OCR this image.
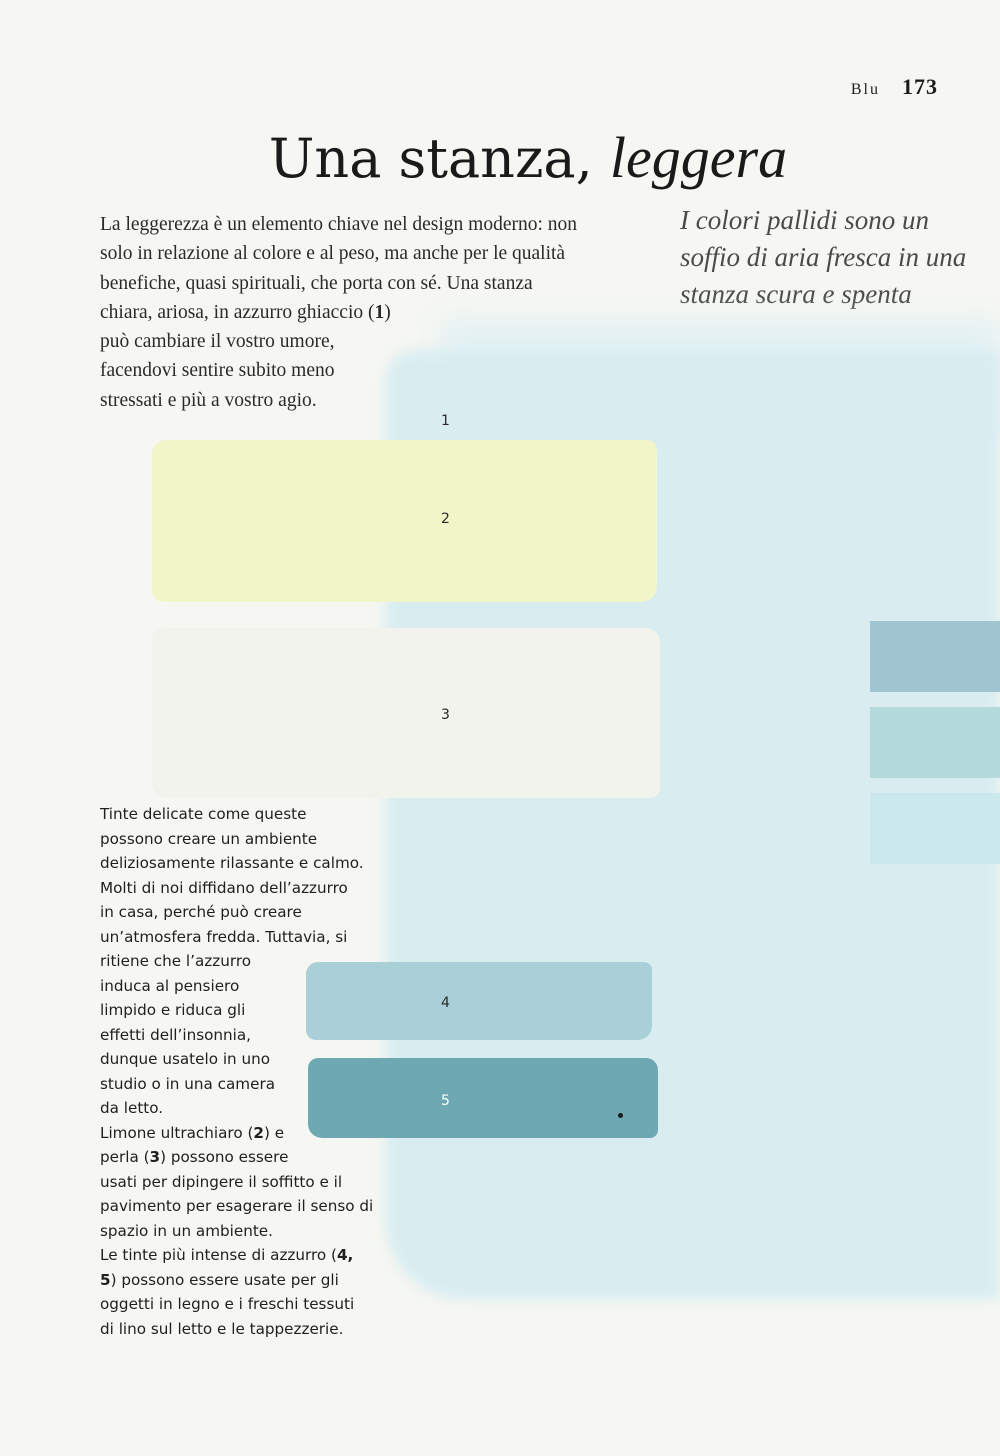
Blu 173
Una stanza, leggera
1
2
3
4
5

La leggerezza è un elemento chiave nel design moderno: non
solo in relazione al colore e al peso, ma anche per le qualità
benefiche, quasi spirituali, che porta con sé. Una stanza
chiara, ariosa, in azzurro ghiaccio (1)
può cambiare il vostro umore,
facendovi sentire subito meno
stressati e più a vostro agio.

I colori pallidi sono un
soffio di aria fresca in una
stanza scura e spenta

Tinte delicate come queste
possono creare un ambiente
deliziosamente rilassante e calmo.
Molti di noi diffidano dell’azzurro
in casa, perché può creare
un’atmosfera fredda. Tuttavia, si
ritiene che l’azzurro
induca al pensiero
limpido e riduca gli
effetti dell’insonnia,
dunque usatelo in uno
studio o in una camera
da letto.
Limone ultrachiaro (2) e
perla (3) possono essere
usati per dipingere il soffitto e il
pavimento per esagerare il senso di
spazio in un ambiente.
Le tinte più intense di azzurro (4,
5) possono essere usate per gli
oggetti in legno e i freschi tessuti
di lino sul letto e le tappezzerie.
